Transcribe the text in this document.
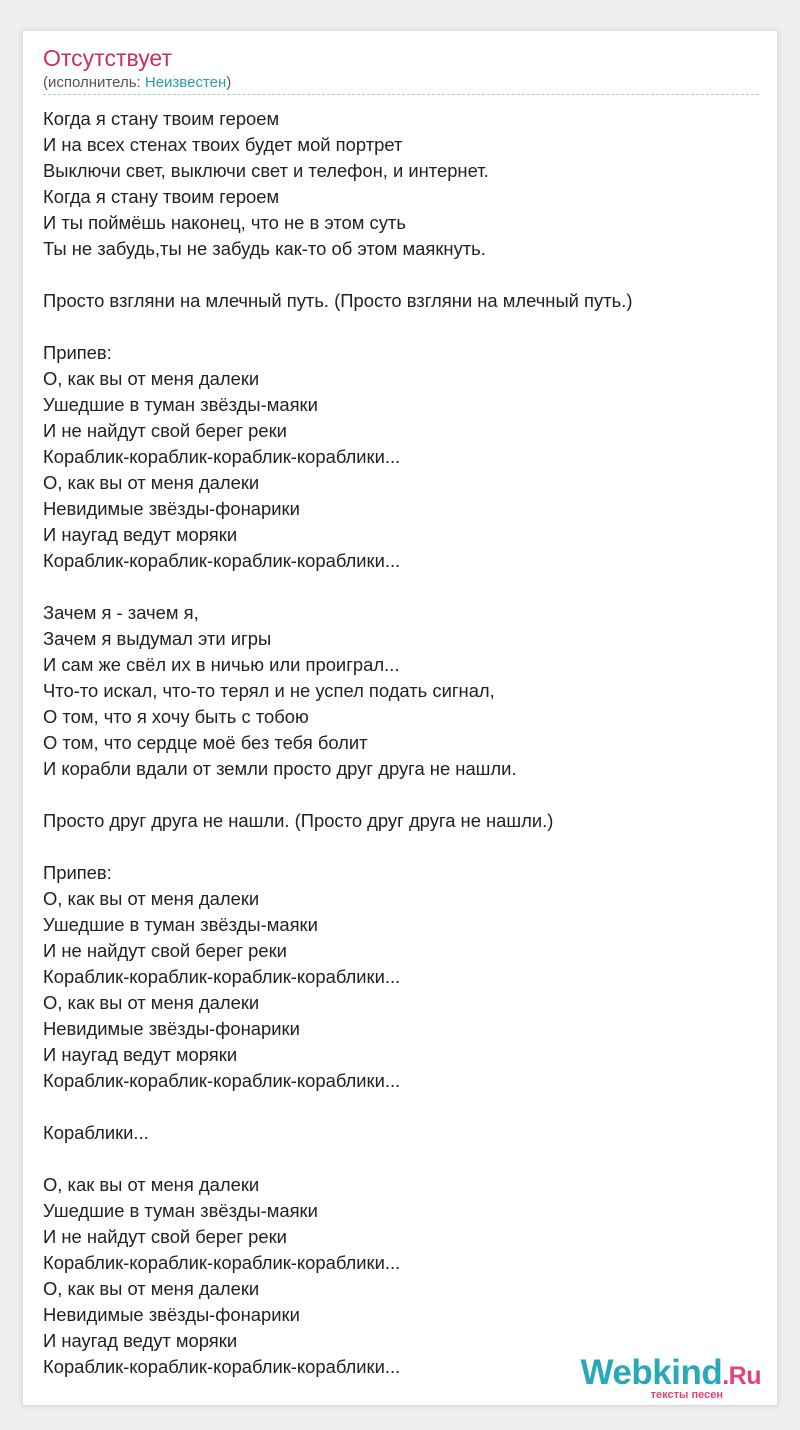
Отсутствует
(исполнитель: Неизвестен)
Когда я стану твоим героем
И на всех стенах твоих будет мой портрет
Выключи свет, выключи свет и телефон, и интернет.
Когда я стану твоим героем
И ты поймёшь наконец, что не в этом суть
Ты не забудь,ты не забудь как-то об этом маякнуть.
Просто взгляни на млечный путь. (Просто взгляни на млечный путь.)
Припев:
О, как вы от меня далеки
Ушедшие в туман звёзды-маяки
И не найдут свой берег реки
Кораблик-кораблик-кораблик-кораблики...
О, как вы от меня далеки
Невидимые звёзды-фонарики
И наугад ведут моряки
Кораблик-кораблик-кораблик-кораблики...
Зачем я - зачем я,
Зачем я выдумал эти игры
И сам же свёл их в ничью или проиграл...
Что-то искал, что-то терял и не успел подать сигнал,
О том, что я хочу быть с тобою
О том, что сердце моё без тебя болит
И корабли вдали от земли просто друг друга не нашли.
Просто друг друга не нашли. (Просто друг друга не нашли.)
Припев:
О, как вы от меня далеки
Ушедшие в туман звёзды-маяки
И не найдут свой берег реки
Кораблик-кораблик-кораблик-кораблики...
О, как вы от меня далеки
Невидимые звёзды-фонарики
И наугад ведут моряки
Кораблик-кораблик-кораблик-кораблики...
Кораблики...
О, как вы от меня далеки
Ушедшие в туман звёзды-маяки
И не найдут свой берег реки
Кораблик-кораблик-кораблик-кораблики...
О, как вы от меня далеки
Невидимые звёзды-фонарики
И наугад ведут моряки
Кораблик-кораблик-кораблик-кораблики...	Webkind.Ru
тексты песен
